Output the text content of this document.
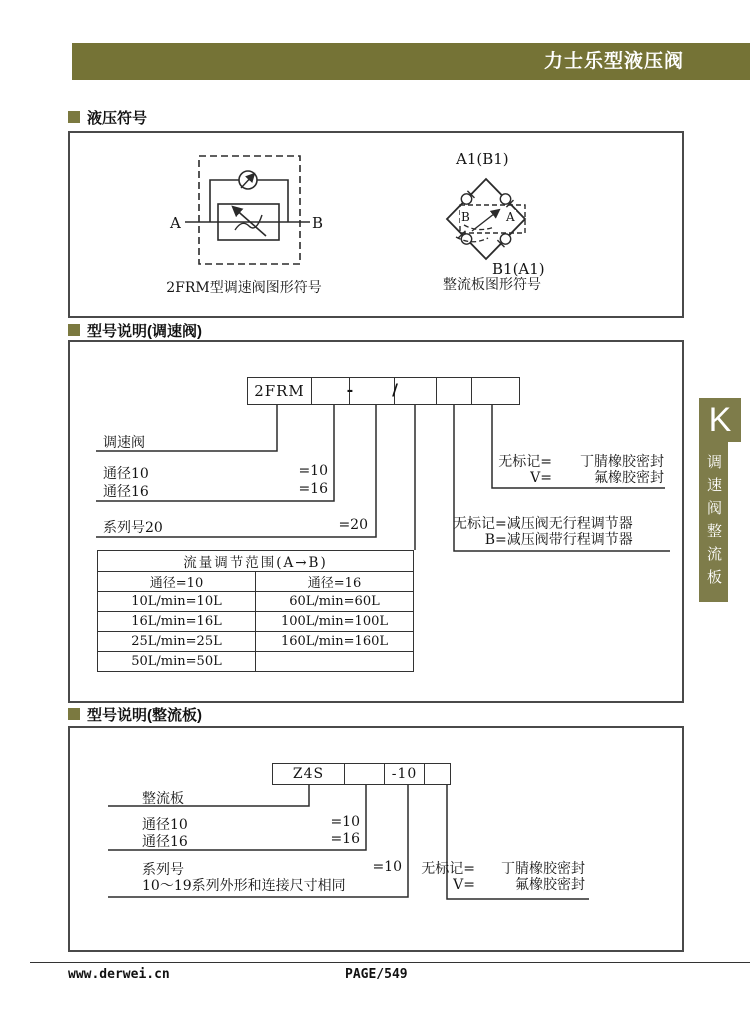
力士乐型液压阀
液压符号
A	B
2FRM型调速阀图形符号
A1(B1)
B1(A1)
B	A
整流板图形符号
型号说明(调速阀)
2FRM	-	/
调速阀
通径10	=10
通径16	=16
系列号20	=20
无标记=	丁腈橡胶密封
V=	氟橡胶密封
无标记 =减压阀无行程调节器
B =减压阀带行程调节器
流量调节范围(A→B)	
通径=10	通径=16
10L/min=10L	60L/min=60L
16L/min=16L	100L/min=100L
25L/min=25L	160L/min=160L
50L/min=50L	
型号说明(整流板)
Z4S	-10
整流板
通径10	=10
通径16	=16
系列号	=10
10～19系列外形和连接尺寸相同
无标记=	丁腈橡胶密封
V=	氟橡胶密封
K
调速阀整流板
www.derwei.cn	PAGE/549
